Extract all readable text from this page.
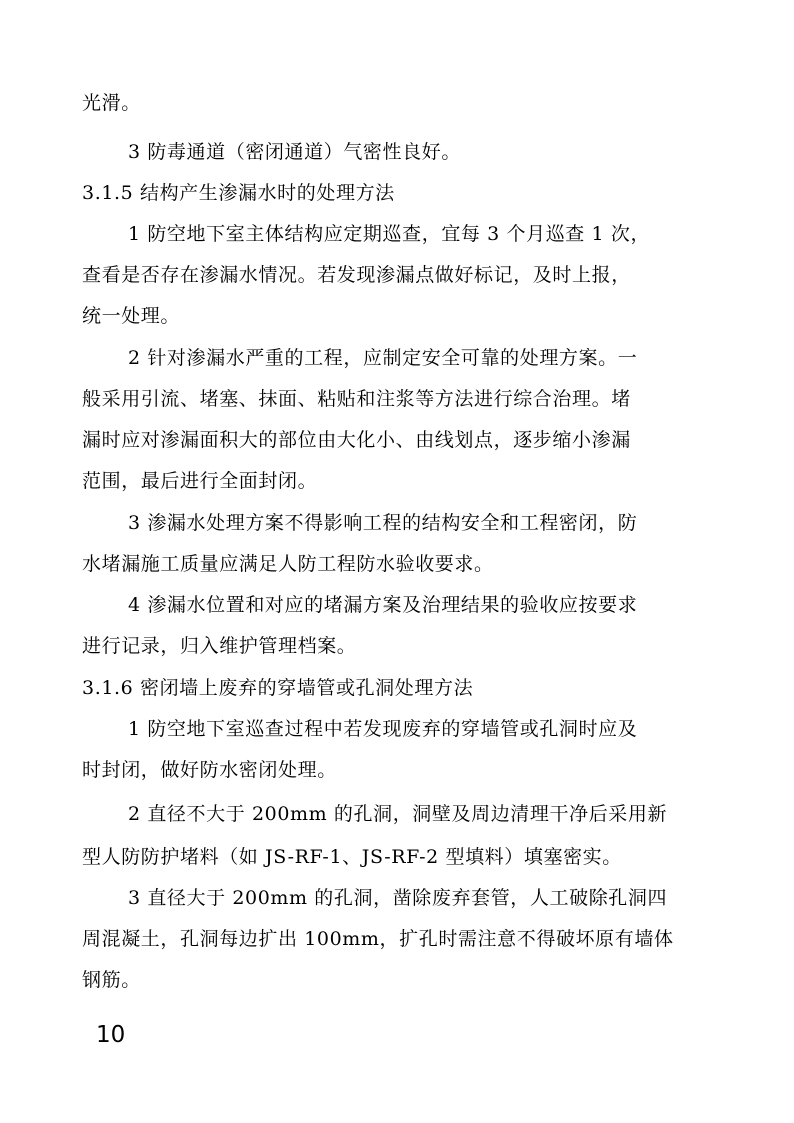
光滑。
3 防毒通道（密闭通道）气密性良好。
3.1.5 结构产生渗漏水时的处理方法
1 防空地下室主体结构应定期巡查，宜每 3 个月巡查 1 次，
查看是否存在渗漏水情况。若发现渗漏点做好标记，及时上报，
统一处理。
2 针对渗漏水严重的工程，应制定安全可靠的处理方案。一
般采用引流、堵塞、抹面、粘贴和注浆等方法进行综合治理。堵
漏时应对渗漏面积大的部位由大化小、由线划点，逐步缩小渗漏
范围，最后进行全面封闭。
3 渗漏水处理方案不得影响工程的结构安全和工程密闭，防
水堵漏施工质量应满足人防工程防水验收要求。
4 渗漏水位置和对应的堵漏方案及治理结果的验收应按要求
进行记录，归入维护管理档案。
3.1.6 密闭墙上废弃的穿墙管或孔洞处理方法
1 防空地下室巡查过程中若发现废弃的穿墙管或孔洞时应及
时封闭，做好防水密闭处理。
2 直径不大于 200mm 的孔洞，洞壁及周边清理干净后采用新
型人防防护堵料（如 JS-RF-1、JS-RF-2 型填料）填塞密实。
3 直径大于 200mm 的孔洞，凿除废弃套管，人工破除孔洞四
周混凝土，孔洞每边扩出 100mm，扩孔时需注意不得破坏原有墙体
钢筋。
10
